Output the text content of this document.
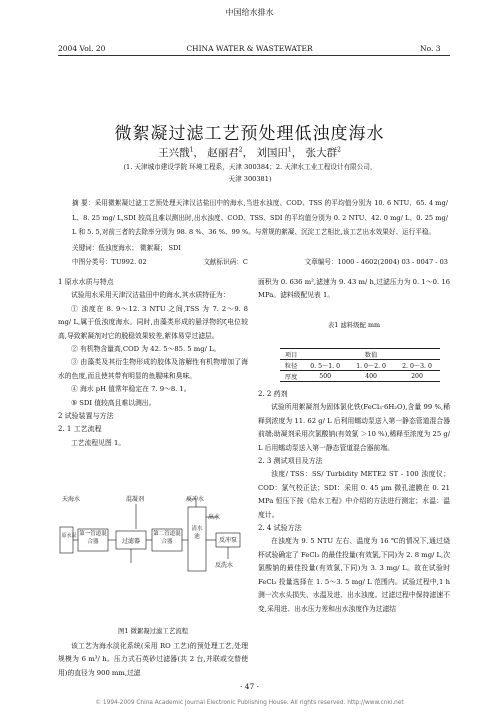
中国给水排水
2004 Vol. 20	CHINA WATER & WASTEWATER	No. 3
微絮凝过滤工艺预处理低浊度海水
王兴戬$^1$， 赵丽君$^2$， 刘国田$^1$， 张大群$^2$
(1. 天津城市建设学院 环境工程系，天津 300384；2. 天津水工业工程设计有限公司，
天津 300381)
摘 要：采用微絮凝过滤工艺预处理天津汉沽盐田中的海水,当进水浊度、COD、TSS 的平均值分别为 10. 6 NTU、65. 4 mg/ L、8. 25 mg/ L,SDI 较高且难以测出时,出水浊度、COD、TSS、SDI 的平均值分别为 0. 2 NTU、42. 0 mg/ L、0. 25 mg/ L 和 5. 5,对前三者的去除率分别为 98. 8 %、36 %、99 %。与常规的絮凝、沉淀工艺相比,该工艺出水效果好、运行平稳。
关键词：低浊度海水； 微絮凝； SDI
中图分类号：TU992. 02	文献标识码：C	文章编号：1000 - 4602(2004) 03 - 0047 - 03

1 原水水质与特点

试验用水采用天津汉沽盐田中的海水,其水质特征为：

① 浊度在 8. 9～12. 3 NTU 之间,TSS 为 7. 2～9. 8 mg/ L,属于低浊度海水。同时,由藻类形成的悬浮物的ζ电位较高,导致絮凝剂对它的脱稳效果较差,絮体易穿过滤层。

② 有机物含量高,COD 为 42. 5～85. 5 mg/ L。

③ 由藻类及其衍生物形成的胶体及溶解性有机物增加了海水的色度,而且使其带有明显的鱼腥味和臭味。

④ 海水 pH 值常年稳定在 7. 9～8. 1。

⑤ SDI 值较高且难以测出。

2 试验装置与方法

2. 1 工艺流程

工艺流程见图 1。

天海水	混凝剂	反冲水
原水泵 第一管道混合器	过滤器
第二管道混合器
清水池	反冲泵
出水
反洗水
图1 微絮凝过滤工艺流程

该工艺为海水淡化系统(采用 RO 工艺)的预处理工艺,处理规模为 6 m³/ h。压力式石英砂过滤器(共 2 台,并联或交替使用)的直径为 900 mm,过滤

面积为 0. 636 m²,滤速为 9. 43 m/ h,过滤压力为 0. 1～0. 16 MPa。滤料级配见表 1。

表1 滤料级配 mm
项目	数值		
粒径	0. 5～1. 0	1. 0～2. 0	2. 0～3. 0
厚度	500	400	200

2. 2 药剂

试验所用絮凝剂为固体氯化铁(FeCl₃·6H₂O),含量 99 %,稀释到浓度为 11. 62 g/ L 后利用蠕动泵送入第一静态管道混合器前端;助凝剂采用次氯酸钠(有效氯 ＞10 %),稀释至浓度为 25 g/ L 后用蠕动泵送入第一静态管道混合器前端。

2. 3 测试项目及方法

浊度/ TSS：SS/ Turbidity METE2 ST - 100 浊度仪；COD：氯气校正法；SDI：采用 0. 45 μm 微孔滤膜在 0. 21 MPa 恒压下按《给水工程》中介绍的方法进行测定；水温：温度计。

2. 4 试验方法

在浊度为 9. 5 NTU 左右、温度为 16 ℃的情况下,通过烧杯试验确定了 FeCl₃ 的最佳投量(有效氯,下同)为 2. 8 mg/ L,次氯酸钠的最佳投量(有效氯,下同)为 3. 3 mg/ L。故在试验时 FeCl₃ 投量选择在 1. 5～3. 5 mg/ L 范围内。试验过程中,1 h 测一次水头损失、水温及进、出水浊度。过滤过程中保持滤速不变,采用进、出水压力差和出水浊度作为过滤结

· 47 ·
© 1994-2009 China Academic Journal Electronic Publishing House. All rights reserved. http://www.cnki.net
